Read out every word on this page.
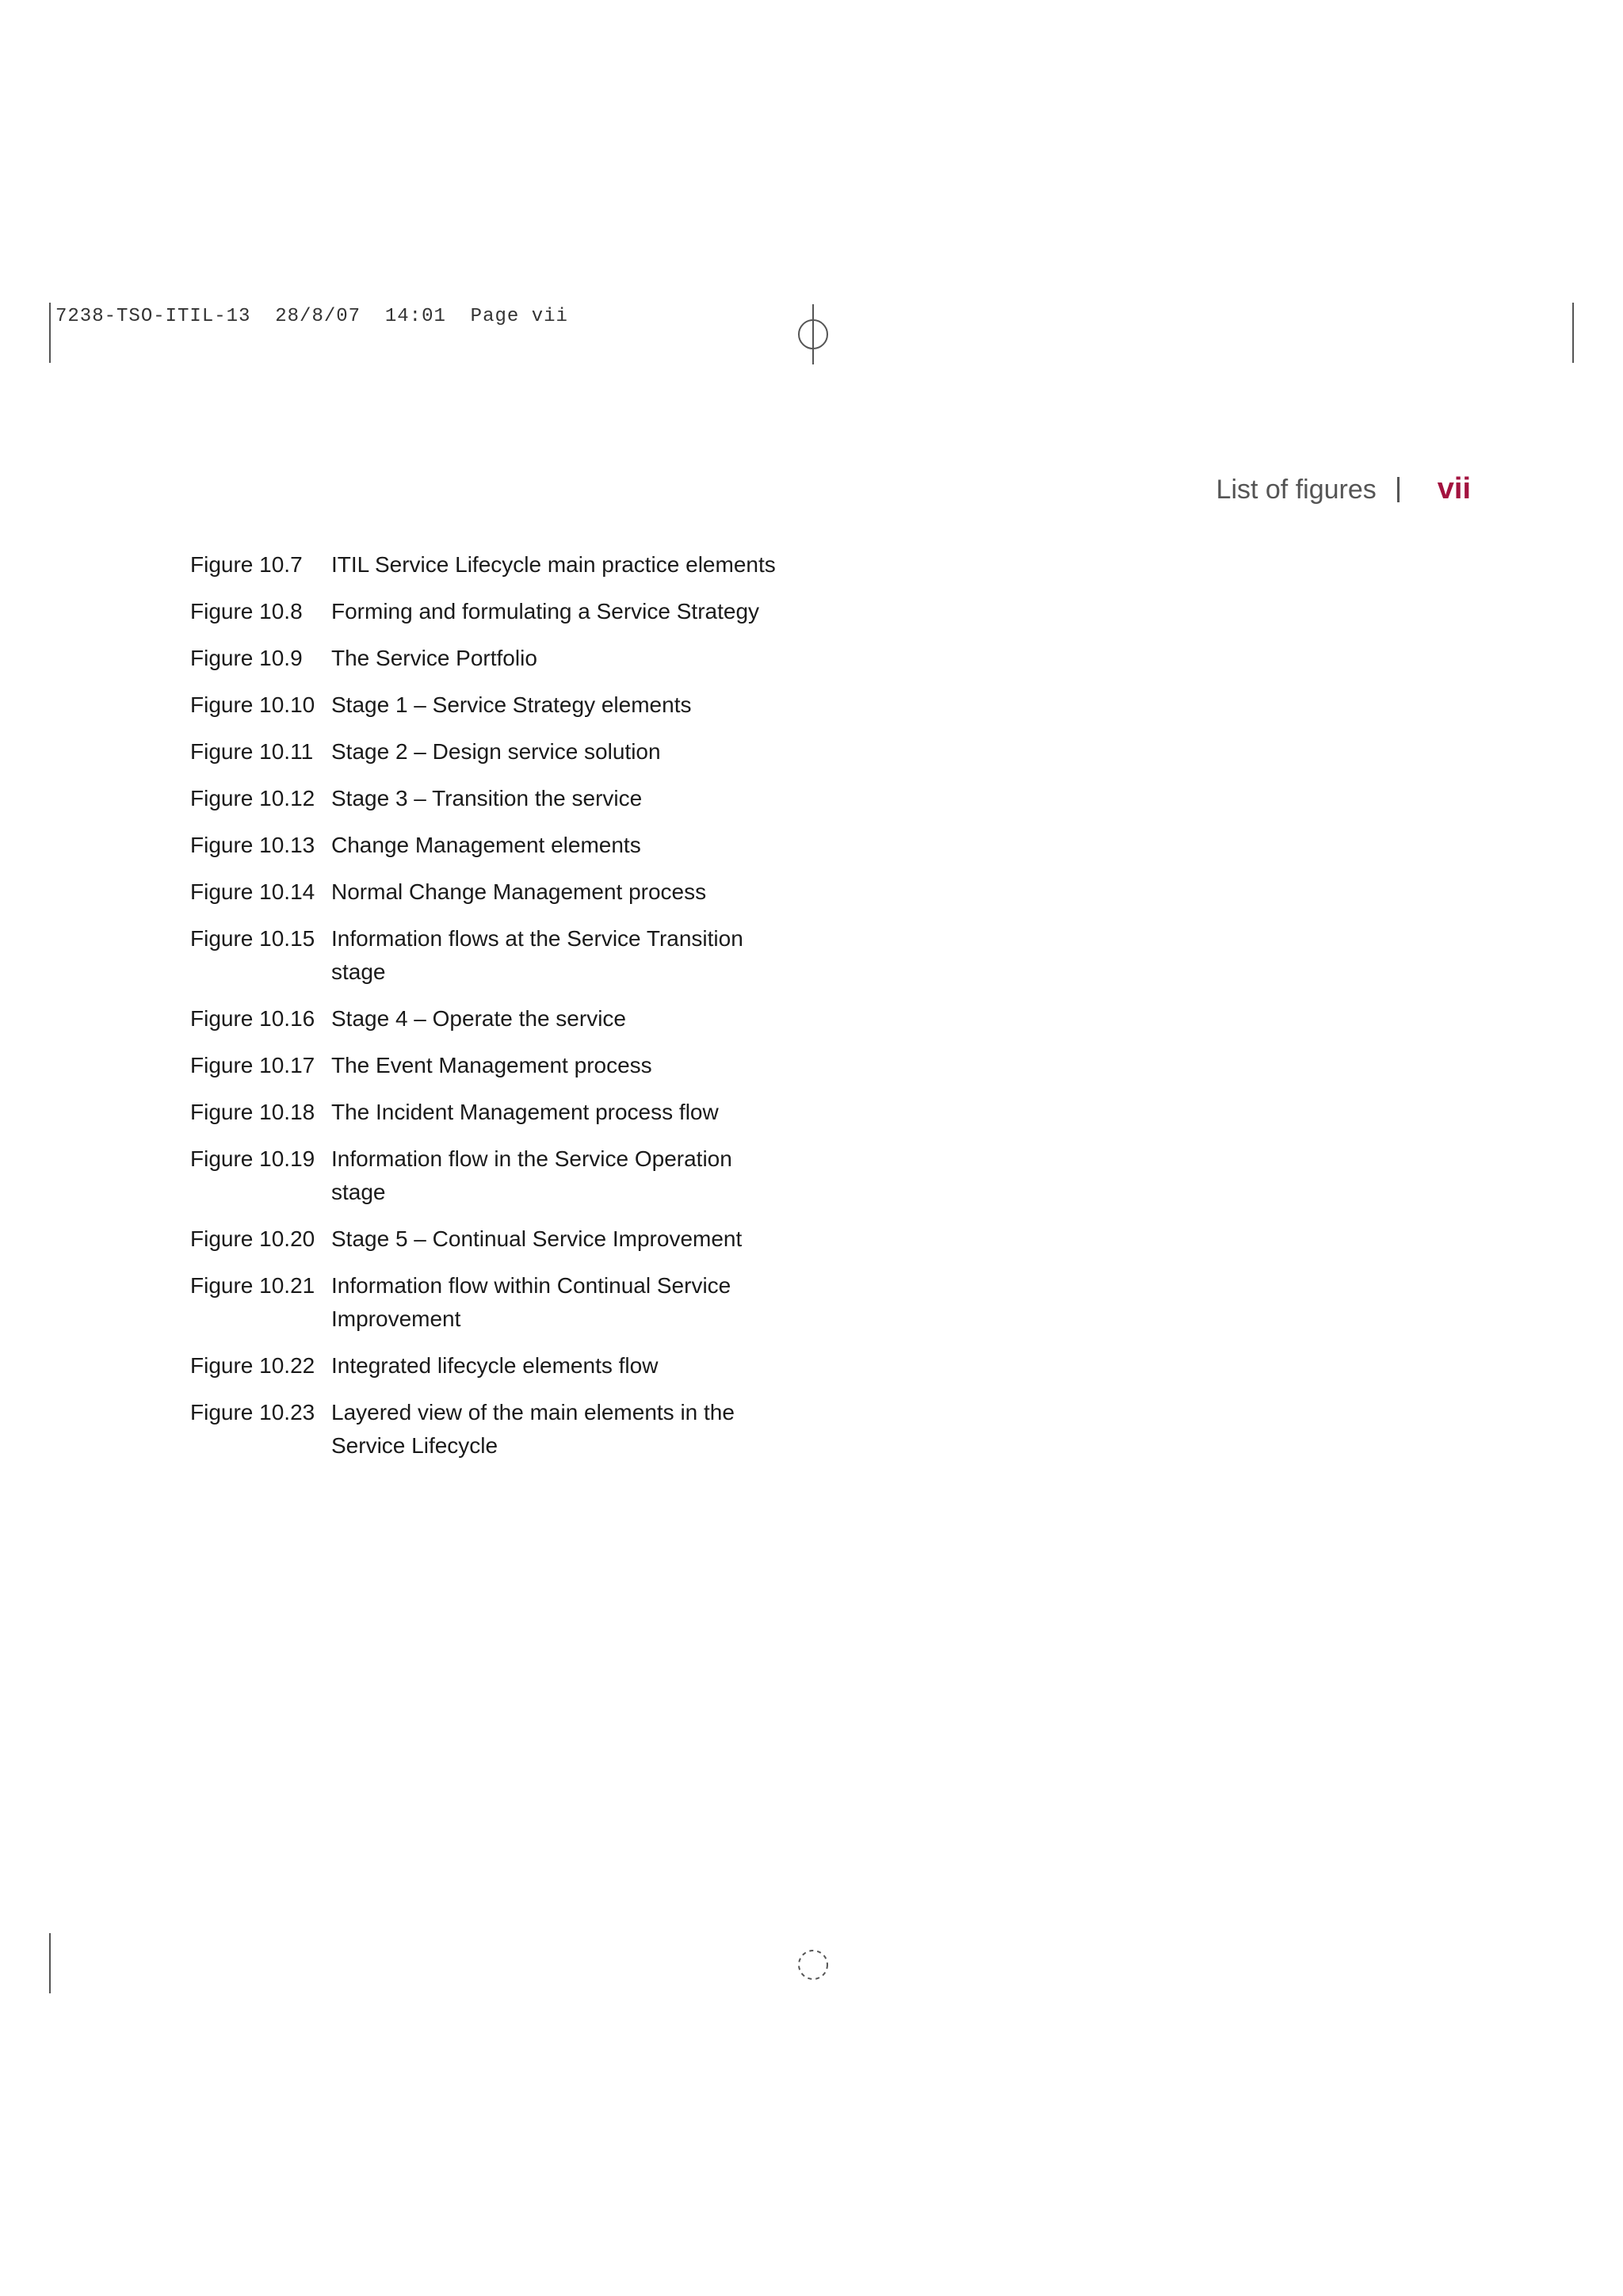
7238-TSO-ITIL-13  28/8/07  14:01  Page vii
List of figures vii
Figure 10.7	ITIL Service Lifecycle main practice elements
Figure 10.8	Forming and formulating a Service Strategy
Figure 10.9	The Service Portfolio
Figure 10.10 Stage 1 – Service Strategy elements
Figure 10.11 Stage 2 – Design service solution
Figure 10.12 Stage 3 – Transition the service
Figure 10.13 Change Management elements
Figure 10.14 Normal Change Management process
Figure 10.15 Information flows at the Service Transition stage
Figure 10.16 Stage 4 – Operate the service
Figure 10.17 The Event Management process
Figure 10.18 The Incident Management process flow
Figure 10.19 Information flow in the Service Operation stage
Figure 10.20 Stage 5 – Continual Service Improvement
Figure 10.21 Information flow within Continual Service Improvement
Figure 10.22 Integrated lifecycle elements flow
Figure 10.23 Layered view of the main elements in the Service Lifecycle
